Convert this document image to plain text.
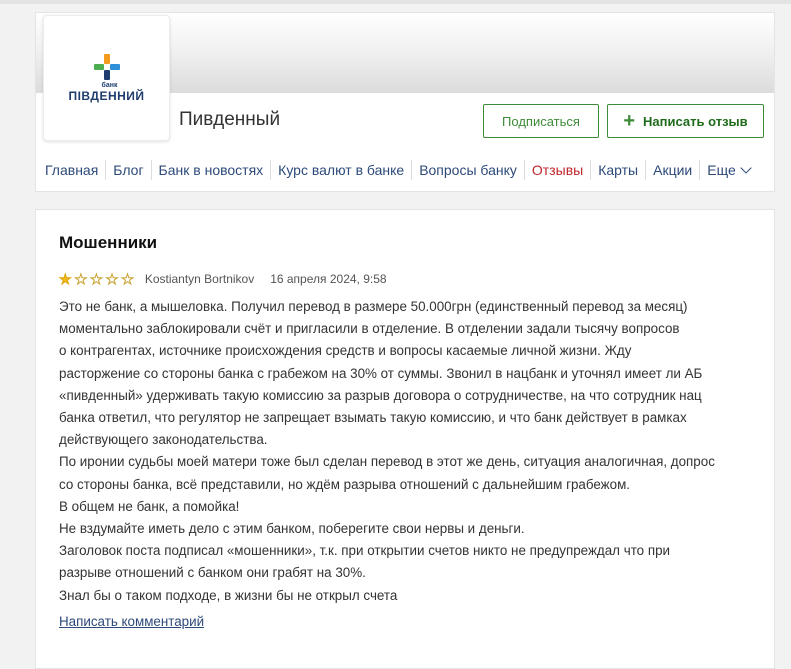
банк
ПІВДЕННИЙ
Пивденный	Подписаться	+ Написать отзыв
Главная	Блог	Банк в новостях	Курс валют в банке	Вопросы банку	Отзывы	Карты	Акции	Еще
Мошенники
★ ★ ★ ★ ★ Kostiantyn Bortnikov 16 апреля 2024, 9:58

Это не банк, а мышеловка. Получил перевод в размере 50.000грн (единственный перевод за месяц)

моментально заблокировали счёт и пригласили в отделение. В отделении задали тысячу вопросов

о контрагентах, источнике происхождения средств и вопросы касаемые личной жизни. Жду

расторжение со стороны банка с грабежом на 30% от суммы. Звонил в нацбанк и уточнял имеет ли АБ

«пивденный» удерживать такую комиссию за разрыв договора о сотрудничестве, на что сотрудник нац

банка ответил, что регулятор не запрещает взымать такую комиссию, и что банк действует в рамках

действующего законодательства.

По иронии судьбы моей матери тоже был сделан перевод в этот же день, ситуация аналогичная, допрос

со стороны банка, всё представили, но ждём разрыва отношений с дальнейшим грабежом.

В общем не банк, а помойка!

Не вздумайте иметь дело с этим банком, поберегите свои нервы и деньги.

Заголовок поста подписал «мошенники», т.к. при открытии счетов никто не предупреждал что при

разрыве отношений с банком они грабят на 30%.

Знал бы о таком подходе, в жизни бы не открыл счета

Написать комментарий
